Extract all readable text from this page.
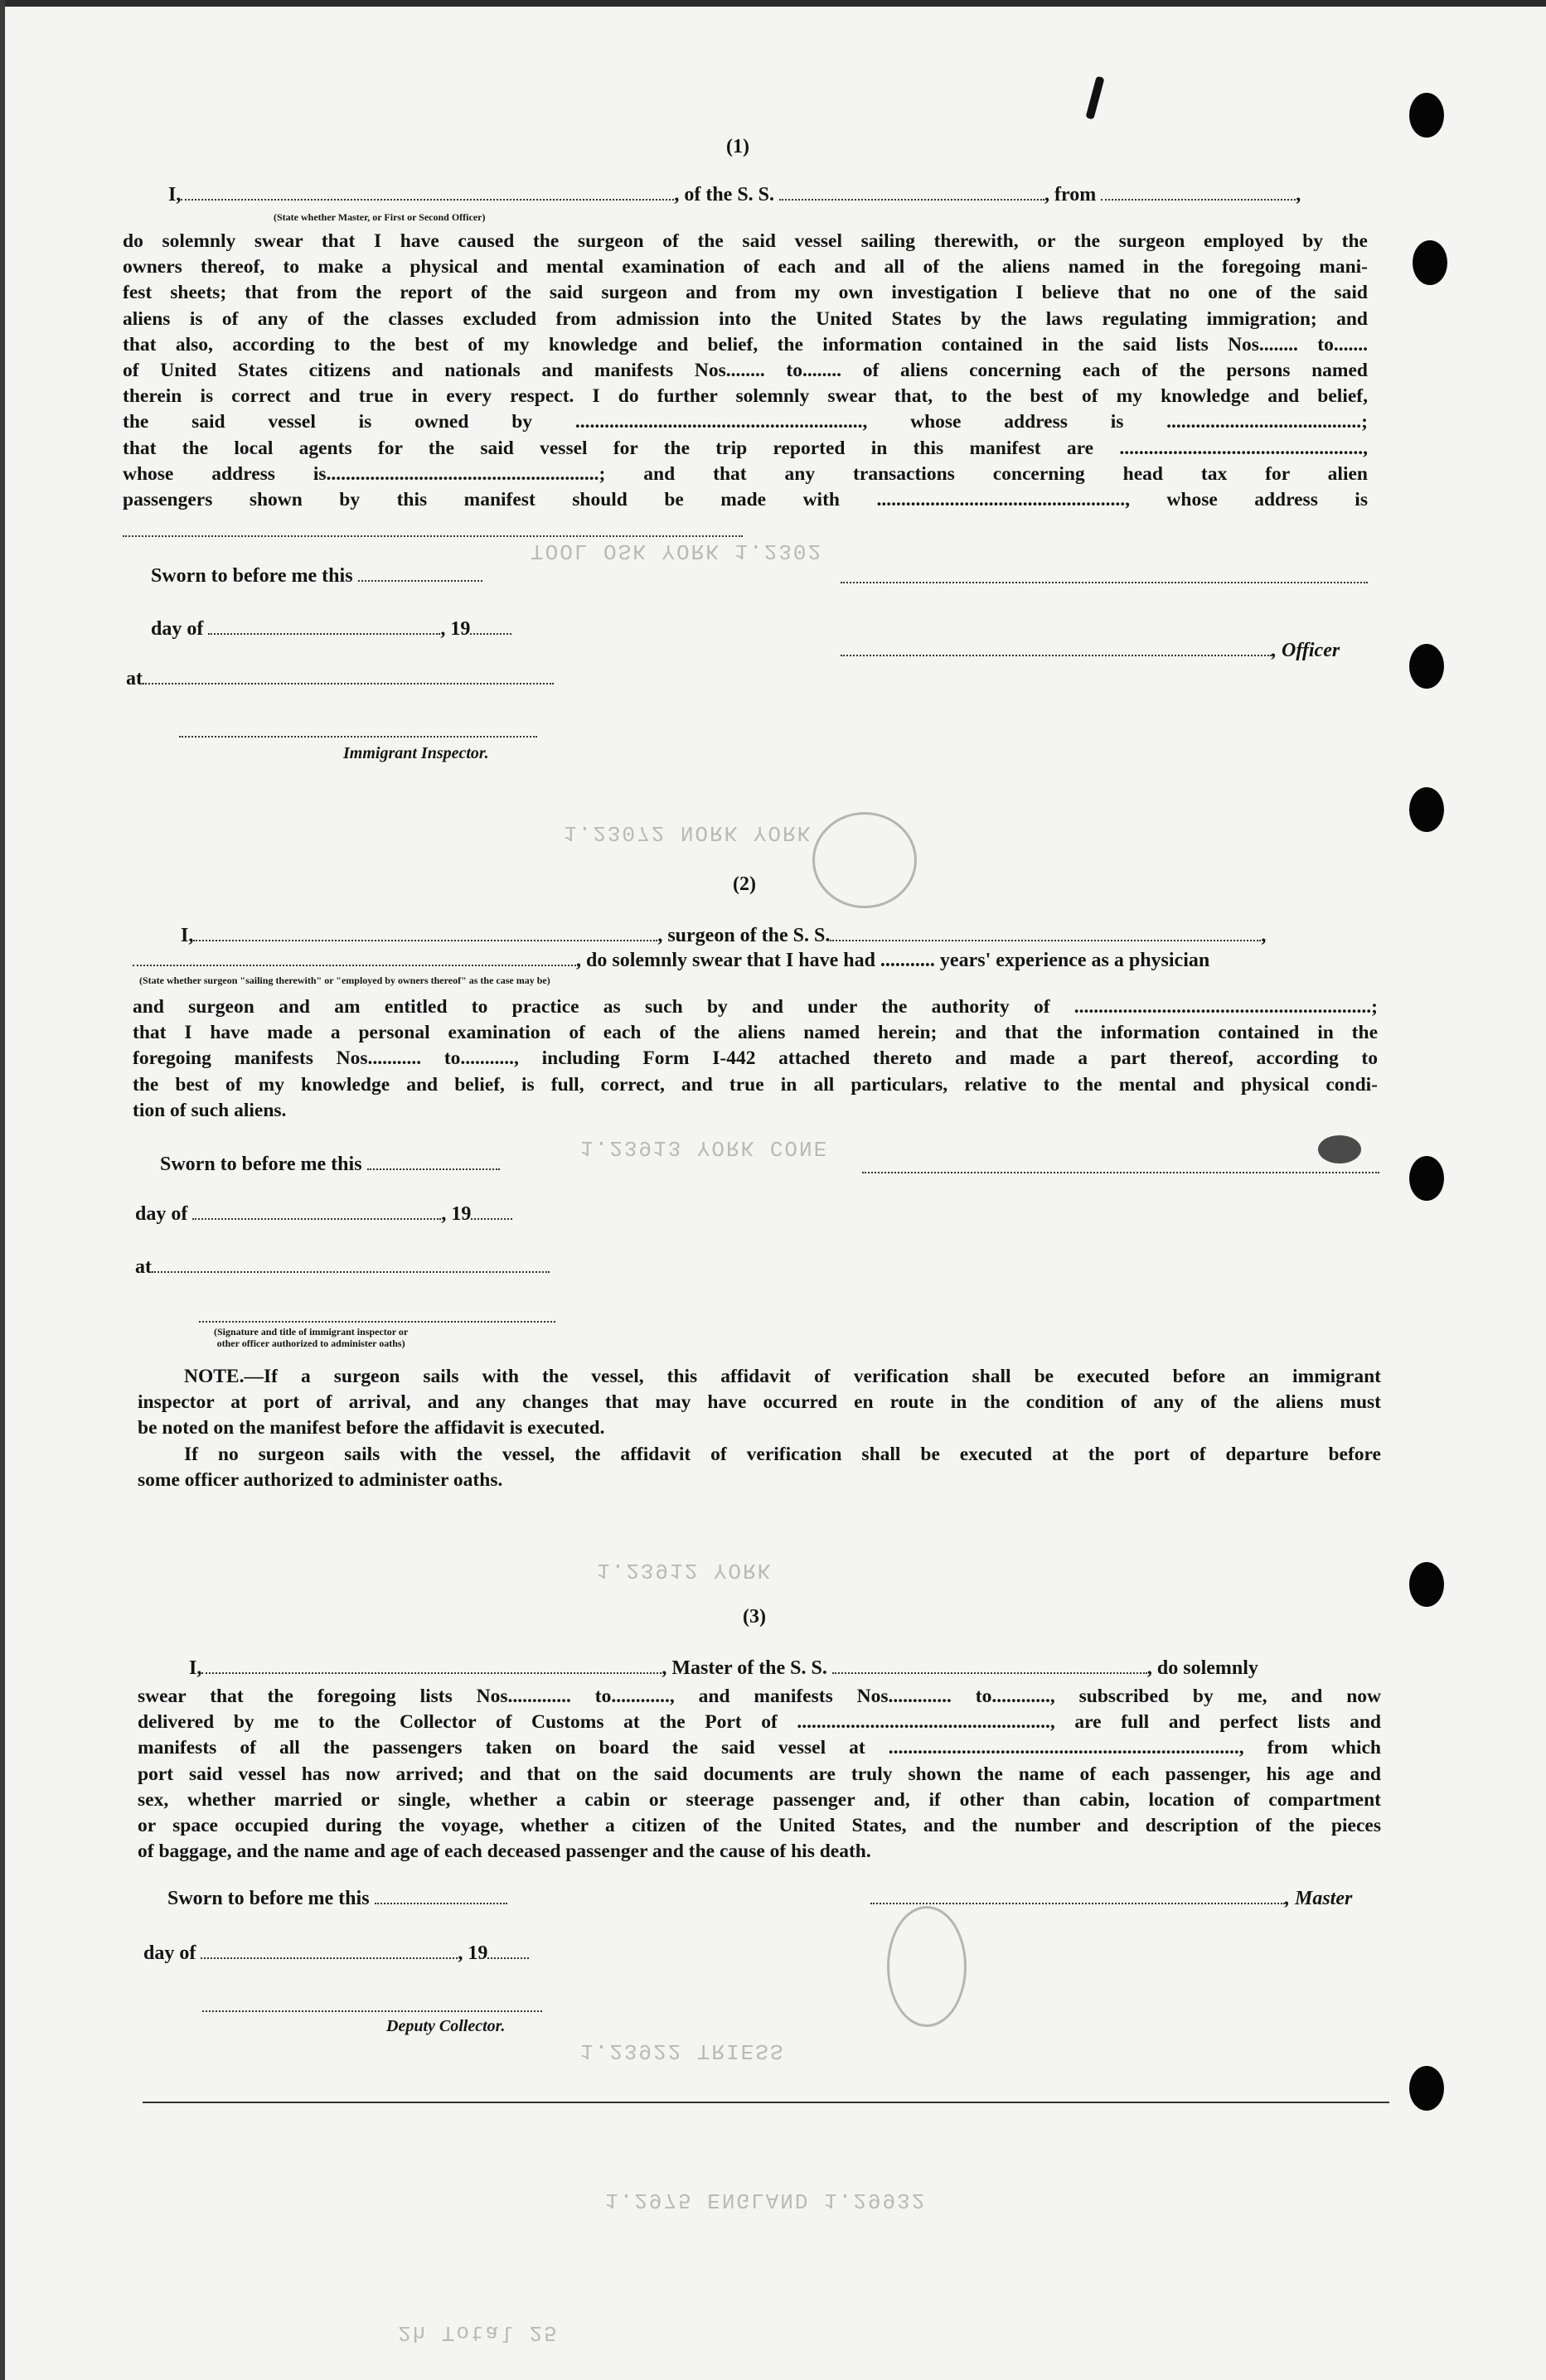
TOOL OSK YORK 1.2302
1.23072 NORK YORK
1.23913 YORK CONE
1.23912 YORK
1.23922 TRIESS
1.2975 ENGLAND 1.29932
2h Total 25
(1)
I,	, of the S. S.	, from	,
(State whether Master, or First or Second Officer)
do solemnly swear that I have caused the surgeon of the said vessel sailing therewith, or the surgeon employed by the
owners thereof, to make a physical and mental examination of each and all of the aliens named in the foregoing mani-
fest sheets; that from the report of the said surgeon and from my own investigation I believe that no one of the said
aliens is of any of the classes excluded from admission into the United States by the laws regulating immigration; and
that also, according to the best of my knowledge and belief, the information contained in the said lists Nos........ to.......
of United States citizens and nationals and manifests Nos........ to........ of aliens concerning each of the persons named
therein is correct and true in every respect. I do further solemnly swear that, to the best of my knowledge and belief,
the said vessel is owned by ..........................................................., whose address is ........................................;
that the local agents for the said vessel for the trip reported in this manifest are ..................................................,
whose address is........................................................; and that any transactions concerning head tax for alien
passengers shown by this manifest should be made with ..................................................., whose address is
Sworn to before me this
day of	, 19
, Officer
at
Immigrant Inspector.
(2)
I,	, surgeon of the S. S.	,
, do solemnly swear that I have had ........... years' experience as a physician
(State whether surgeon "sailing therewith" or "employed by owners thereof" as the case may be)
and surgeon and am entitled to practice as such by and under the authority of .............................................................;
that I have made a personal examination of each of the aliens named herein; and that the information contained in the
foregoing manifests Nos........... to..........., including Form I-442 attached thereto and made a part thereof, according to
the best of my knowledge and belief, is full, correct, and true in all particulars, relative to the mental and physical condi-
tion of such aliens.
Sworn to before me this
day of	, 19
at
(Signature and title of immigrant inspector or
other officer authorized to administer oaths)
NOTE.—If a surgeon sails with the vessel, this affidavit of verification shall be executed before an immigrant
inspector at port of arrival, and any changes that may have occurred en route in the condition of any of the aliens must
be noted on the manifest before the affidavit is executed.
If no surgeon sails with the vessel, the affidavit of verification shall be executed at the port of departure before
some officer authorized to administer oaths.
(3)
I,	, Master of the S. S.	, do solemnly
swear that the foregoing lists Nos............. to............, and manifests Nos............. to............, subscribed by me, and now
delivered by me to the Collector of Customs at the Port of ...................................................., are full and perfect lists and
manifests of all the passengers taken on board the said vessel at ........................................................................, from which
port said vessel has now arrived; and that on the said documents are truly shown the name of each passenger, his age and
sex, whether married or single, whether a cabin or steerage passenger and, if other than cabin, location of compartment
or space occupied during the voyage, whether a citizen of the United States, and the number and description of the pieces
of baggage, and the name and age of each deceased passenger and the cause of his death.
Sworn to before me this	, Master
day of	, 19
Deputy Collector.
